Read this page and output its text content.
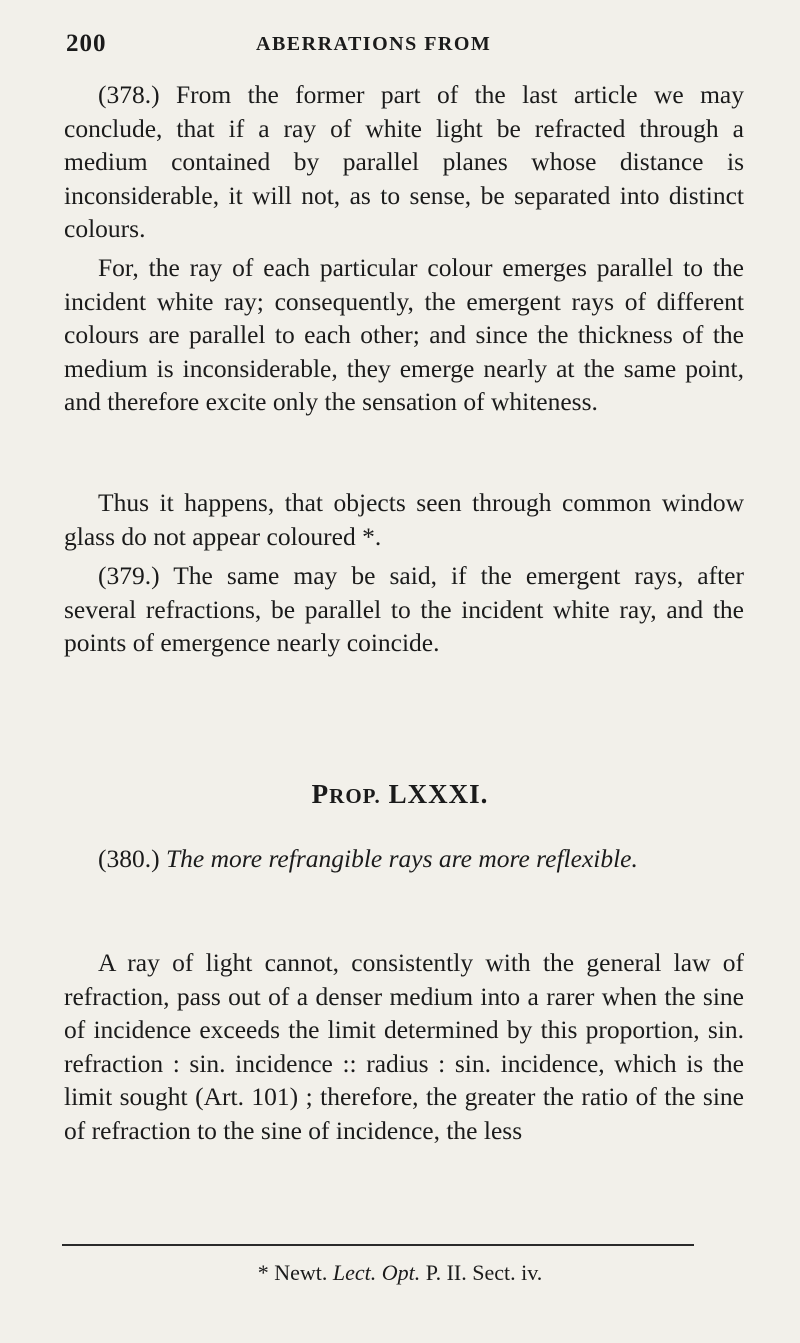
200	ABERRATIONS FROM

(378.) From the former part of the last article we may conclude, that if a ray of white light be refracted through a medium contained by parallel planes whose distance is inconsiderable, it will not, as to sense, be separated into distinct colours.

For, the ray of each particular colour emerges parallel to the incident white ray; consequently, the emergent rays of different colours are parallel to each other; and since the thickness of the medium is inconsiderable, they emerge nearly at the same point, and therefore excite only the sensation of whiteness.

Thus it happens, that objects seen through common window glass do not appear coloured *.

(379.) The same may be said, if the emergent rays, after several refractions, be parallel to the incident white ray, and the points of emergence nearly coincide.

PROP. LXXXI.

(380.) The more refrangible rays are more reflexible.

A ray of light cannot, consistently with the general law of refraction, pass out of a denser medium into a rarer when the sine of incidence exceeds the limit determined by this proportion, sin. refraction : sin. incidence :: radius : sin. incidence, which is the limit sought (Art. 101) ; therefore, the greater the ratio of the sine of refraction to the sine of incidence, the less

* Newt. Lect. Opt. P. II. Sect. iv.
